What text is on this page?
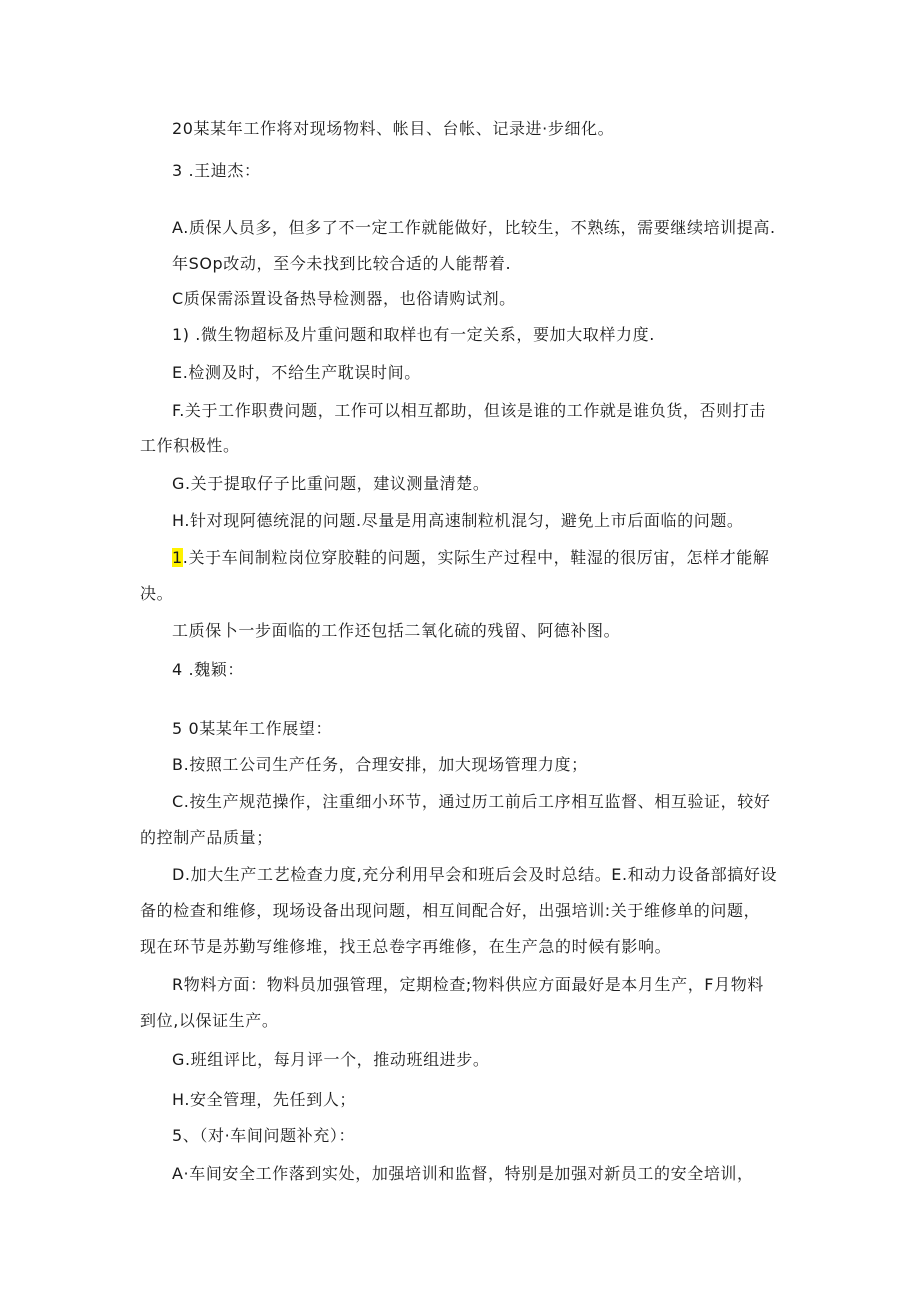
20某某年工作将对现场物料、帐目、台帐、记录进·步细化。
3 .王迪杰：
A.质保人员多，但多了不一定工作就能做好，比较生，不熟练，需要继续培训提高.
年SOp改动，至今未找到比较合适的人能帮着.
C质保需添置设备热导检测器，也俗请购试剂。
1) .微生物超标及片重问题和取样也有一定关系，要加大取样力度.
E.检测及时，不给生产耽误时间。
F.关于工作职费问题，工作可以相互都助，但该是谁的工作就是谁负货，否则打击
工作积极性。
G.关于提取仔子比重问题，建议测量清楚。
H.针对现阿德统混的问题.尽量是用高速制粒机混匀，避免上市后面临的问题。
1.关于车间制粒岗位穿胶鞋的问题，实际生产过程中，鞋湿的很厉宙，怎样才能解
决。
工质保卜一步面临的工作还包括二氧化硫的残留、阿德补图。
4 .魏颖：
5 0某某年工作展望：
B.按照工公司生产任务，合理安排，加大现场管理力度；
C.按生产规范操作，注重细小环节，通过历工前后工序相互监督、相互验证，较好
的控制产品质量；
D.加大生产工艺检查力度,充分利用早会和班后会及时总结。E.和动力设备部搞好设
备的检查和维修，现场设备出现问题，相互间配合好，出强培训:关于维修单的问题，
现在环节是苏勤写维修堆，找王总卷字再维修，在生产急的时候有影响。
R物料方面：物料员加强管理，定期检查;物料供应方面最好是本月生产，F月物料
到位,以保证生产。
G.班组评比，每月评一个，推动班组进步。
H.安全管理，先任到人；
5、（对·车间问题补充）：
A·车间安全工作落到实处，加强培训和监督，特别是加强对新员工的安全培训，
